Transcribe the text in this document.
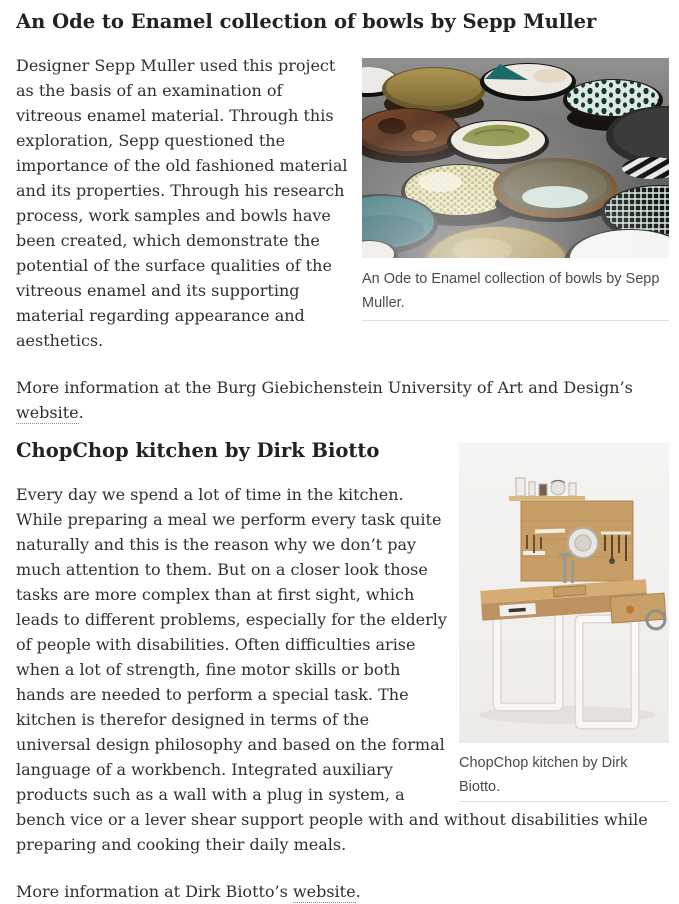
An Ode to Enamel collection of bowls by Sepp Muller
An Ode to Enamel collection of bowls by Sepp Muller.

Designer Sepp Muller used this project as the basis of an examination of vitreous enamel material. Through this exploration, Sepp questioned the importance of the old fashioned material and its properties. Through his research process, work samples and bowls have been created, which demonstrate the potential of the surface qualities of the vitreous enamel and its supporting material regarding appearance and aesthetics.

More information at the Burg Giebichenstein University of Art and Design’s website.

ChopChop kitchen by Dirk Biotto.
ChopChop kitchen by Dirk Biotto

Every day we spend a lot of time in the kitchen. While preparing a meal we perform every task quite naturally and this is the reason why we don’t pay much attention to them. But on a closer look those tasks are more complex than at first sight, which leads to different problems, especially for the elderly of people with disabilities. Often difficulties arise when a lot of strength, fine motor skills or both hands are needed to perform a special task. The kitchen is therefor designed in terms of the universal design philosophy and based on the formal language of a workbench. Integrated auxiliary products such as a wall with a plug in system, a bench vice or a lever shear support people with and without disabilities while preparing and cooking their daily meals.

More information at Dirk Biotto’s website.
